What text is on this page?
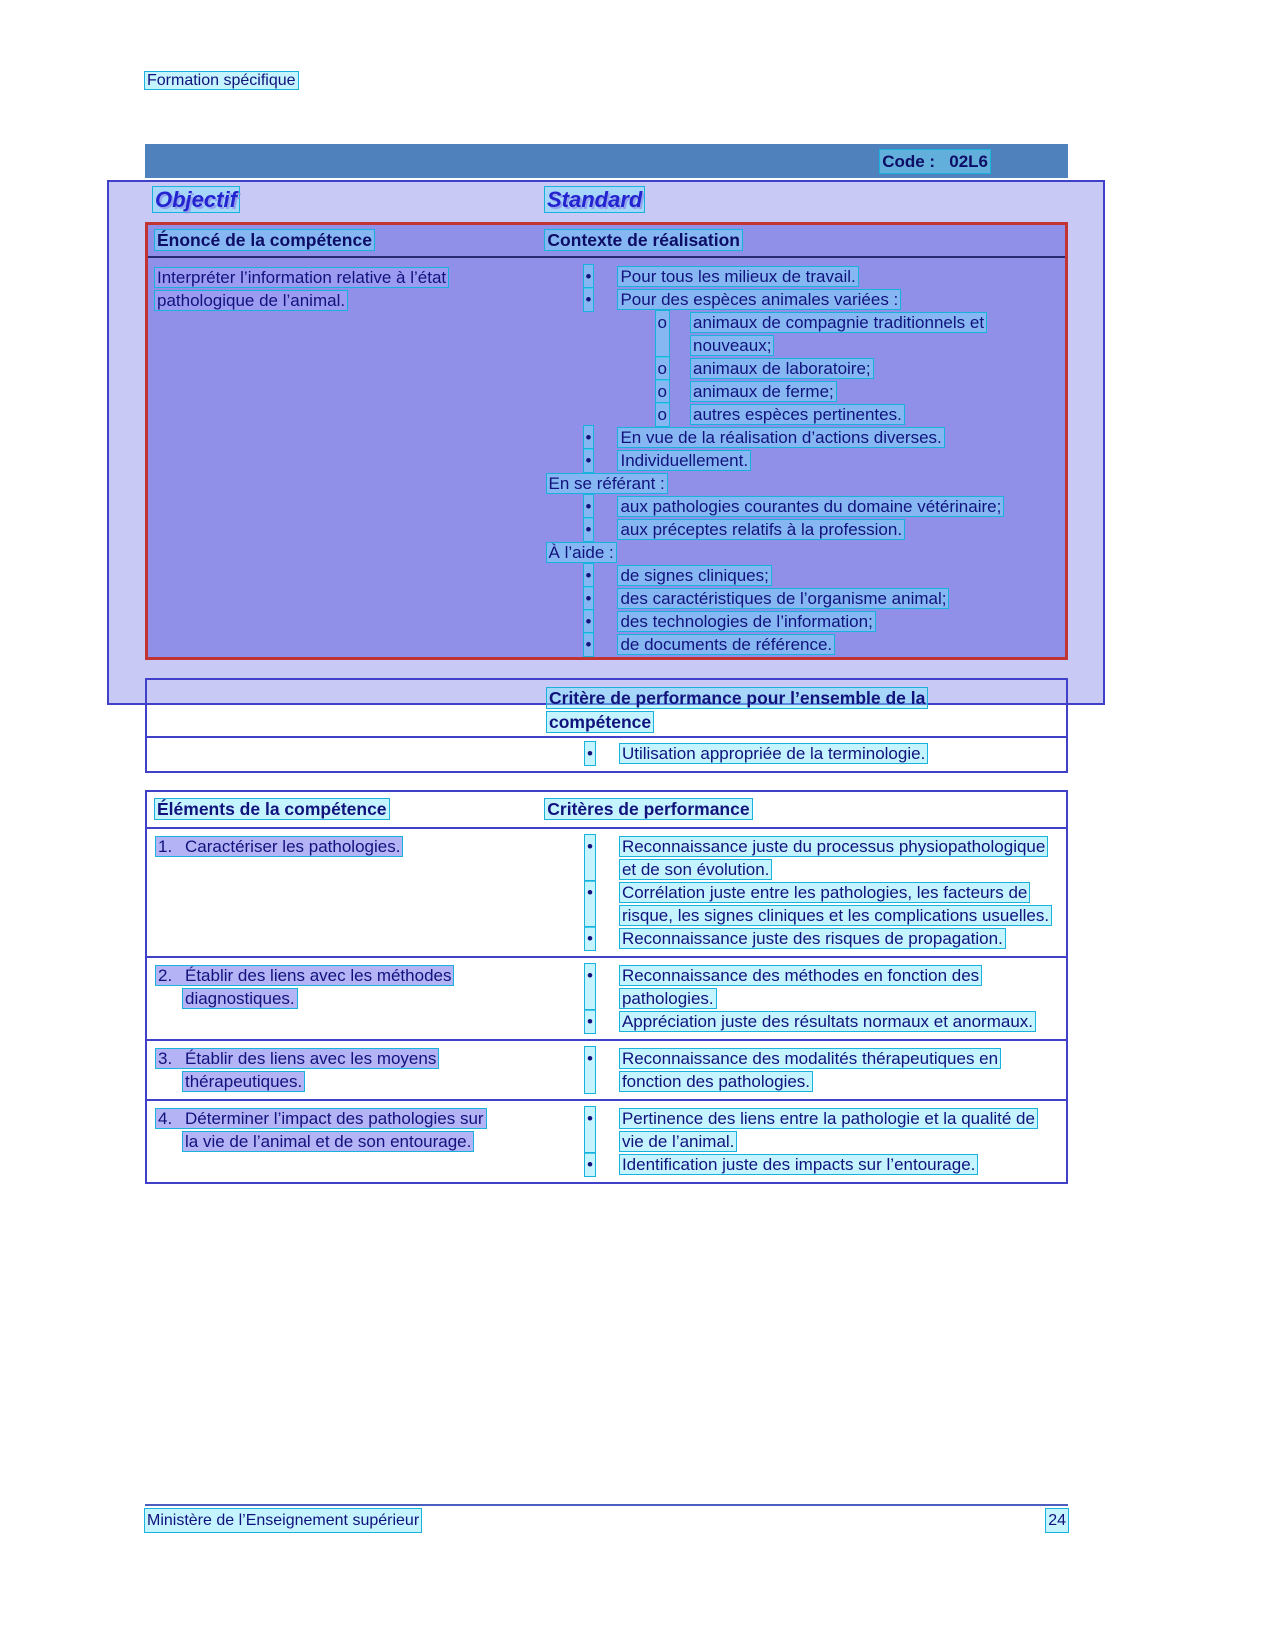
Formation spécifique
Code :   02L6
Objectif	Standard
Énoncé de la compétence	Contexte de réalisation
Interpréter l’information relative à l’état pathologique de l’animal.
• Pour tous les milieux de travail.
• Pour des espèces animales variées :
o animaux de compagnie traditionnels et nouveaux;
o animaux de laboratoire;
o animaux de ferme;
o autres espèces pertinentes.
• En vue de la réalisation d’actions diverses.
• Individuellement.
En se référant :
• aux pathologies courantes du domaine vétérinaire;
• aux préceptes relatifs à la profession.
À l’aide :
• de signes cliniques;
• des caractéristiques de l’organisme animal;
• des technologies de l’information;
• de documents de référence.
Critère de performance pour l’ensemble de la compétence
• Utilisation appropriée de la terminologie.
Éléments de la compétence	Critères de performance
1. Caractériser les pathologies.	• Reconnaissance juste du processus physiopathologique et de son évolution.
• Corrélation juste entre les pathologies, les facteurs de risque, les signes cliniques et les complications usuelles.
• Reconnaissance juste des risques de propagation.
2. Établir des liens avec les méthodes diagnostiques.
• Reconnaissance des méthodes en fonction des pathologies.
• Appréciation juste des résultats normaux et anormaux.
3. Établir des liens avec les moyens thérapeutiques.
• Reconnaissance des modalités thérapeutiques en fonction des pathologies.
4. Déterminer l’impact des pathologies sur la vie de l’animal et de son entourage.
• Pertinence des liens entre la pathologie et la qualité de vie de l’animal.
• Identification juste des impacts sur l’entourage.
Ministère de l’Enseignement supérieur	24
